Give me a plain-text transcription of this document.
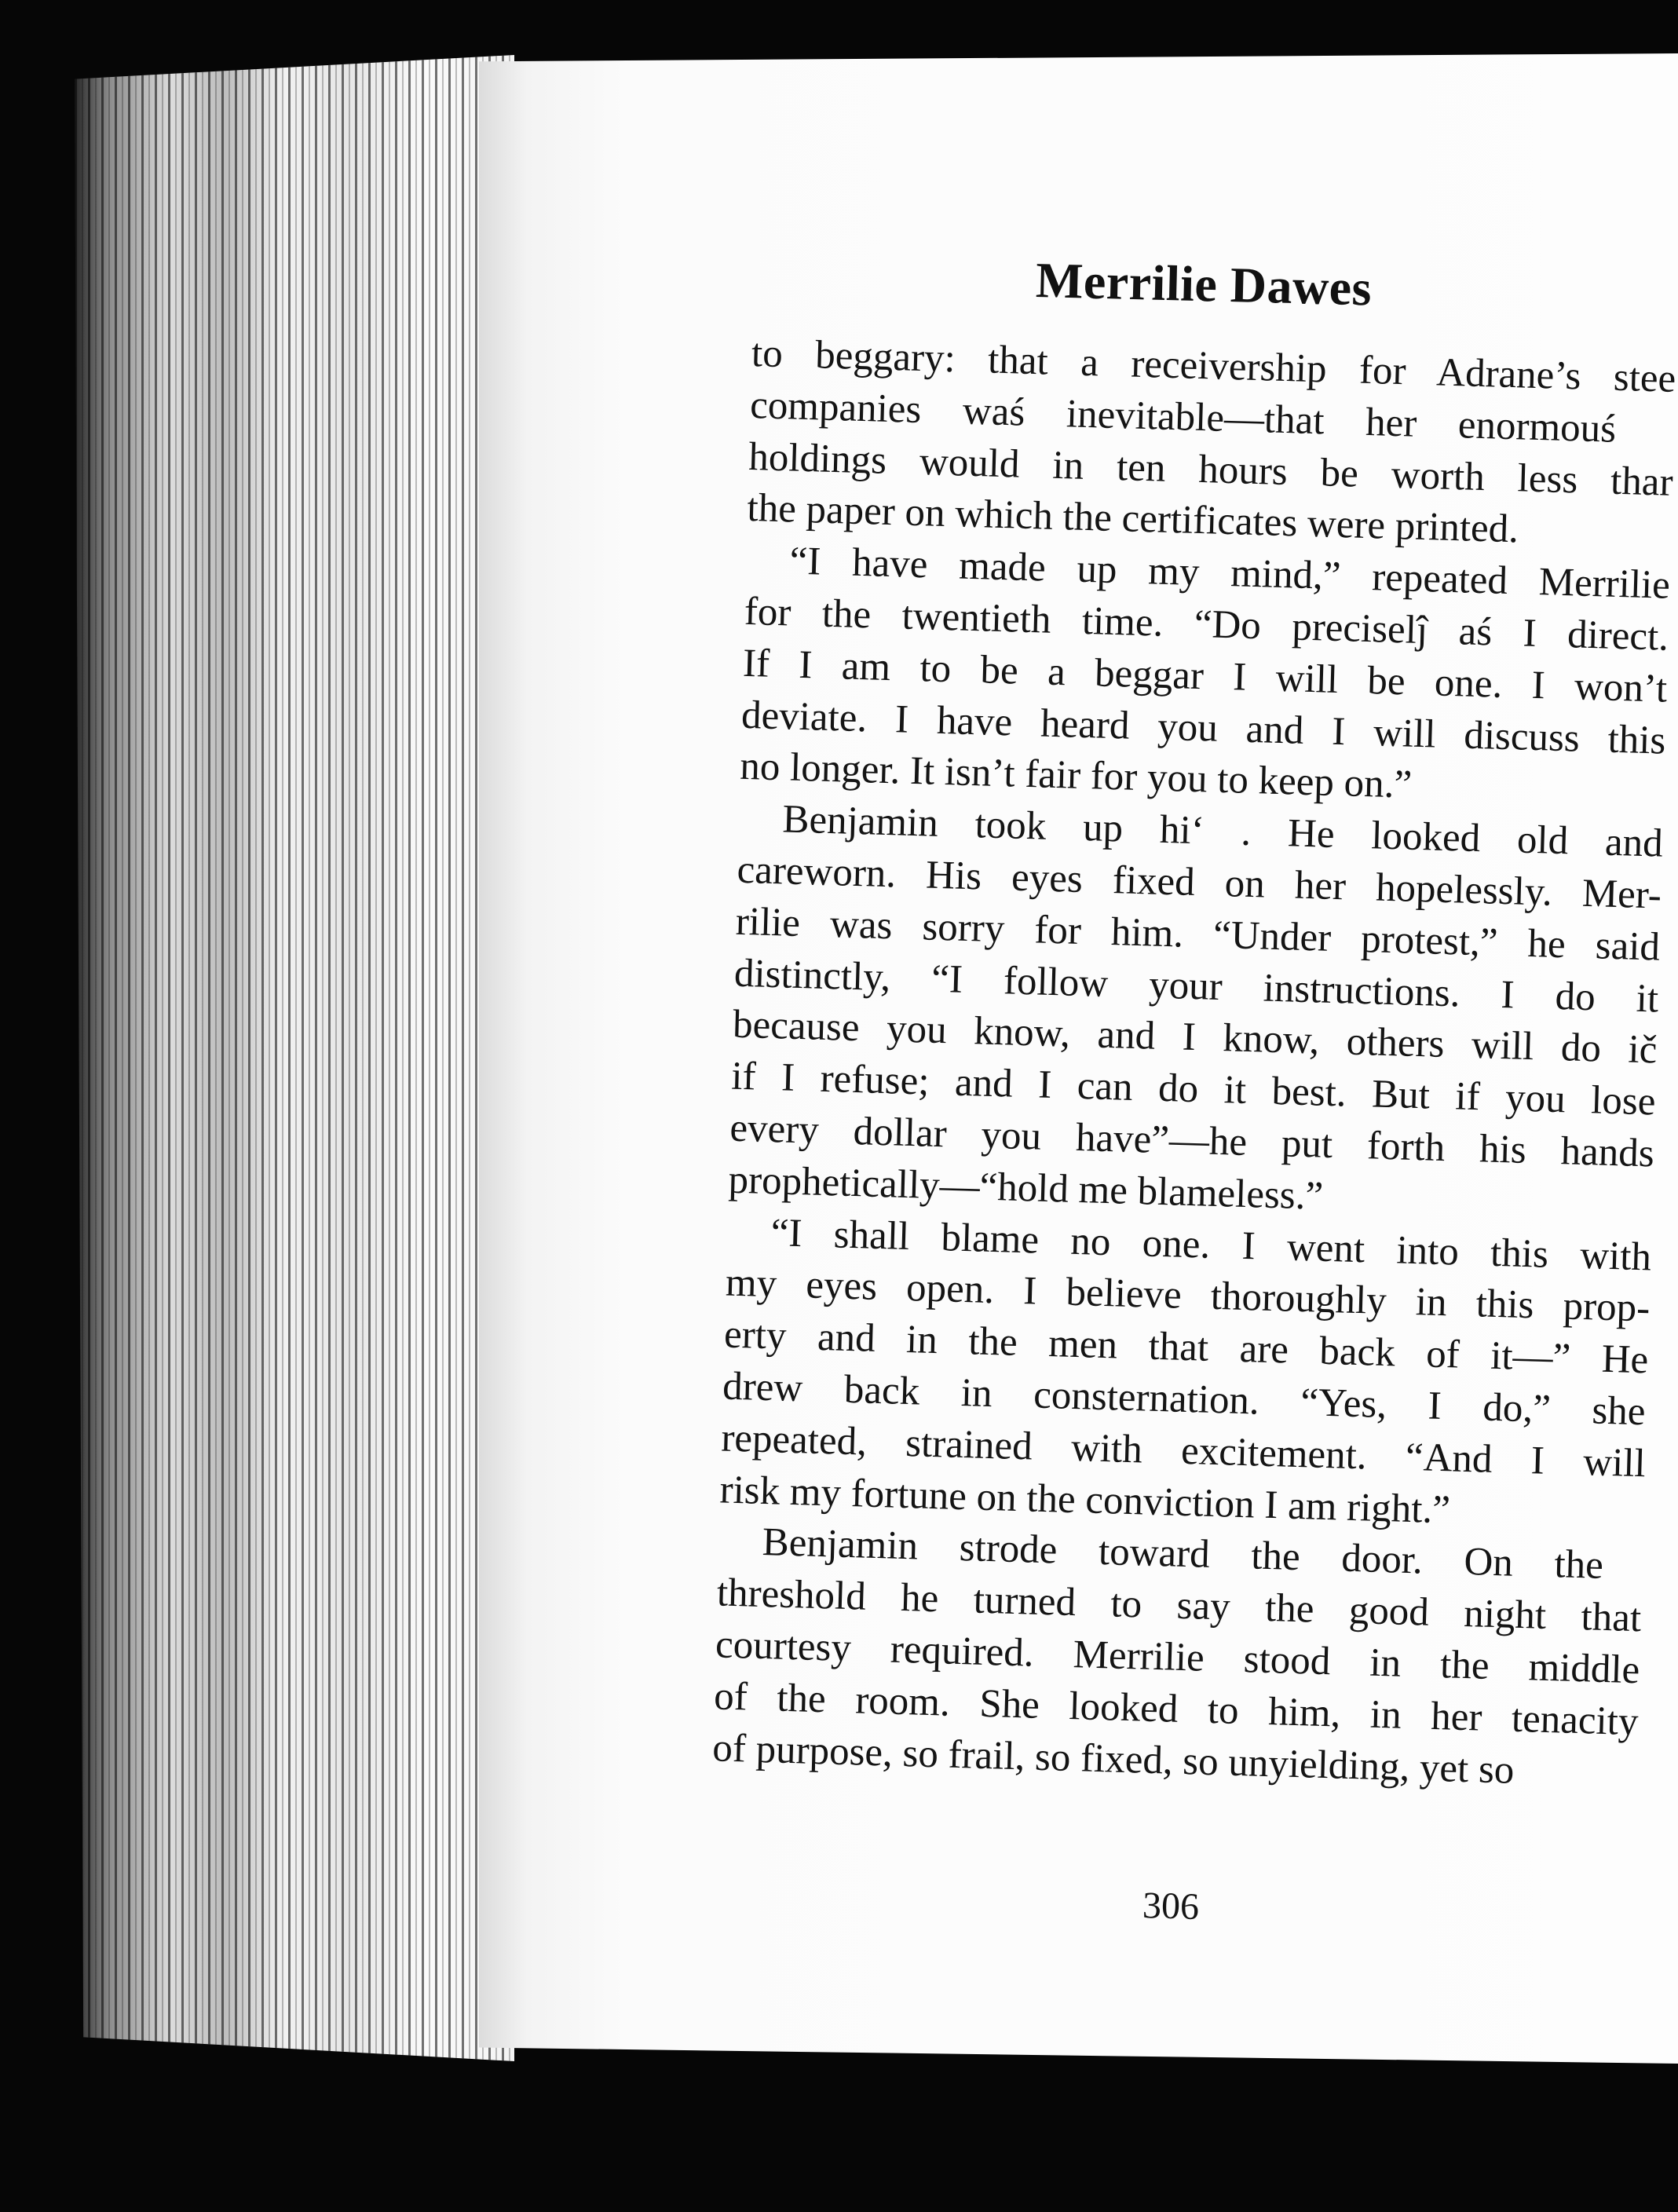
Merrilie Dawes
to beggary: that a receivership for Adrane’s stee
companies waś inevitable—that her enormouś
holdings would in ten hours be worth less thar
the paper on which the certificates were printed.
“I have made up my mind,” repeated Merrilie
for the twentieth time. “Do preciselĵ aś I direct.
If I am to be a beggar I will be one. I won’t
deviate. I have heard you and I will discuss this
no longer. It isn’t fair for you to keep on.”
Benjamin took up hi‘ . He looked old and
careworn. His eyes fixed on her hopelessly. Mer-
rilie was sorry for him. “Under protest,” he said
distinctly, “I follow your instructions. I do it
because you know, and I know, others will do ič
if I refuse; and I can do it best. But if you lose
every dollar you have”—he put forth his hands
prophetically—“hold me blameless.”
“I shall blame no one. I went into this with
my eyes open. I believe thoroughly in this prop-
erty and in the men that are back of it—” He
drew back in consternation. “Yes, I do,” she
repeated, strained with excitement. “And I will
risk my fortune on the conviction I am right.”
Benjamin strode toward the door. On the
threshold he turned to say the good night that
courtesy required. Merrilie stood in the middle
of the room. She looked to him, in her tenacity
of purpose, so frail, so fixed, so unyielding, yet so
306
